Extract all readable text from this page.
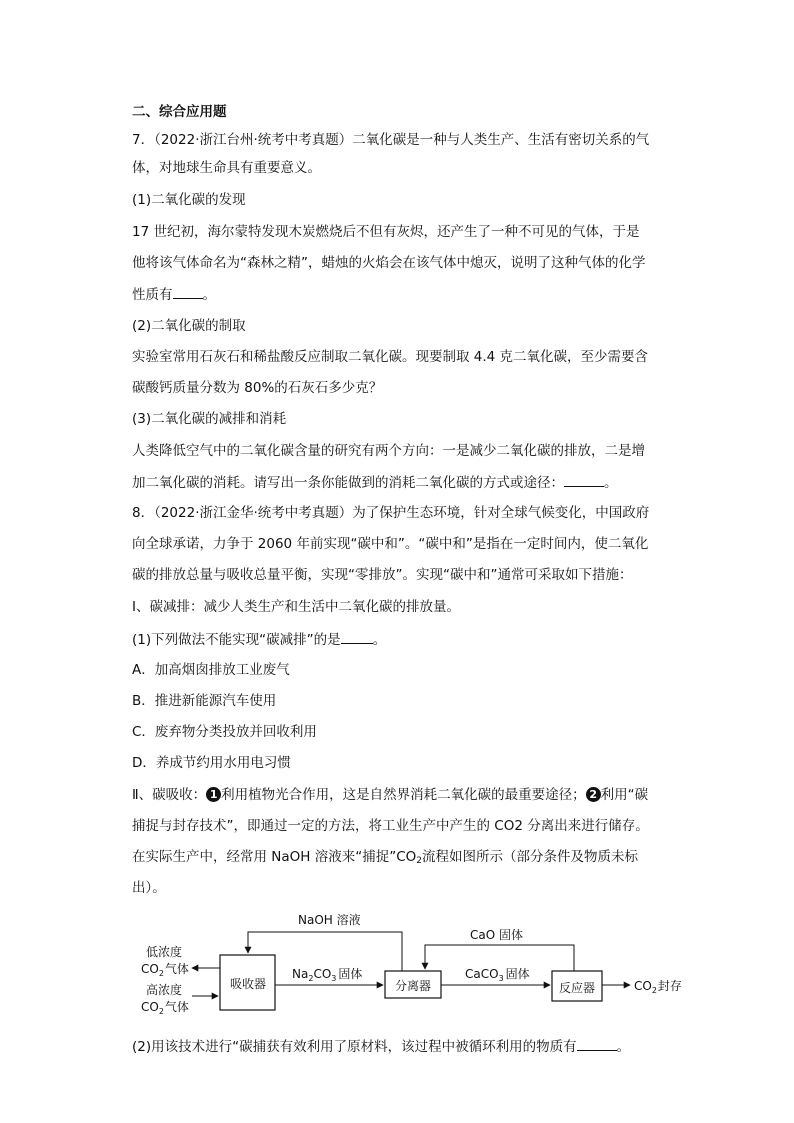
二、综合应用题
7．（2022·浙江台州·统考中考真题）二氧化碳是一种与人类生产、生活有密切关系的气
体，对地球生命具有重要意义。
(1)二氧化碳的发现
17 世纪初，海尔蒙特发现木炭燃烧后不但有灰烬，还产生了一种不可见的气体，于是
他将该气体命名为“森林之精”，蜡烛的火焰会在该气体中熄灭，说明了这种气体的化学
性质有 。
(2)二氧化碳的制取
实验室常用石灰石和稀盐酸反应制取二氧化碳。现要制取 4.4 克二氧化碳，至少需要含
碳酸钙质量分数为 80%的石灰石多少克？
(3)二氧化碳的减排和消耗
人类降低空气中的二氧化碳含量的研究有两个方向：一是减少二氧化碳的排放，二是增
加二氧化碳的消耗。请写出一条你能做到的消耗二氧化碳的方式或途径：	。
8．（2022·浙江金华·统考中考真题）为了保护生态环境，针对全球气候变化，中国政府
向全球承诺，力争于 2060 年前实现“碳中和”。“碳中和”是指在一定时间内，使二氧化
碳的排放总量与吸收总量平衡，实现“零排放”。实现“碳中和”通常可采取如下措施：
Ⅰ、碳减排：减少人类生产和生活中二氧化碳的排放量。
(1)下列做法不能实现“碳减排”的是 。
A．加高烟囱排放工业废气
B．推进新能源汽车使用
C．废弃物分类投放并回收利用
D．养成节约用水用电习惯
Ⅱ、碳吸收： 1 利用植物光合作用，这是自然界消耗二氧化碳的最重要途径； 2 利用“碳
捕捉与封存技术”，即通过一定的方法，将工业生产中产生的 CO2 分离出来进行储存。
在实际生产中，经常用 NaOH 溶液来“捕捉$”CO_2$流程如图所示（部分条件及物质未标
出）。
吸收器	分离器	反应器
NaOH 溶液
CaO 固体
$Na_2CO_3$ 固体	CaCO$_3$ 固体
$CO_2$封存
低浓度
$CO_2$气体
高浓度
$CO_2$气体
(2)用该技术进行“碳捕获有效利用了原材料，该过程中被循环利用的物质有	。
